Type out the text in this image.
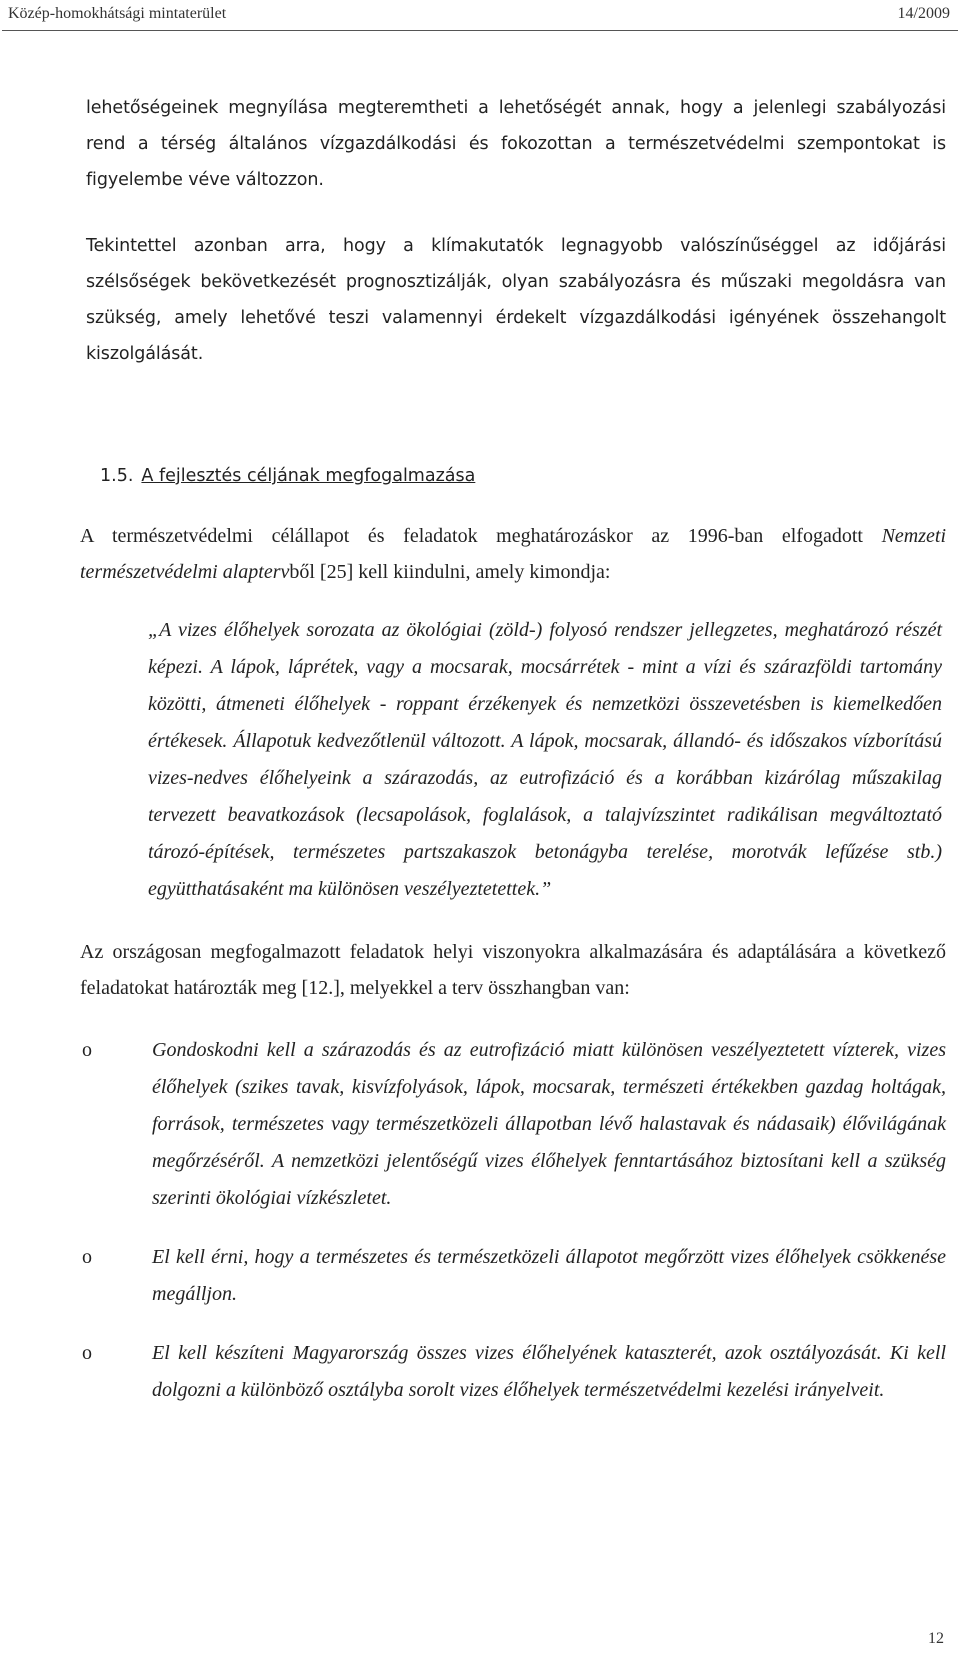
Közép-homokhátsági mintaterület	14/2009

lehetőségeinek megnyílása megteremtheti a lehetőségét annak, hogy a jelenlegi szabályozási rend a térség általános vízgazdálkodási és fokozottan a természetvédelmi szempontokat is figyelembe véve változzon.

Tekintettel azonban arra, hogy a klímakutatók legnagyobb valószínűséggel az időjárási szélsőségek bekövetkezését prognosztizálják, olyan szabályozásra és műszaki megoldásra van szükség, amely lehetővé teszi valamennyi érdekelt vízgazdálkodási igényének összehangolt kiszolgálását.

1.5. A fejlesztés céljának megfogalmazása

A természetvédelmi célállapot és feladatok meghatározáskor az 1996-ban elfogadott Nemzeti természetvédelmi alaptervből [25] kell kiindulni, amely kimondja:

„A vizes élőhelyek sorozata az ökológiai (zöld-) folyosó rendszer jellegzetes, meghatározó részét képezi. A lápok, láprétek, vagy a mocsarak, mocsárrétek - mint a vízi és szárazföldi tartomány közötti, átmeneti élőhelyek - roppant érzékenyek és nemzetközi összevetésben is kiemelkedően értékesek. Állapotuk kedvezőtlenül változott. A lápok, mocsarak, állandó- és időszakos vízborítású vizes-nedves élőhelyeink a szárazodás, az eutrofizáció és a korábban kizárólag műszakilag tervezett beavatkozások (lecsapolások, foglalások, a talajvízszintet radikálisan megváltoztató tározó-építések, természetes partszakaszok betonágyba terelése, morotvák lefűzése stb.) együtthatásaként ma különösen veszélyeztetettek.”

Az országosan megfogalmazott feladatok helyi viszonyokra alkalmazására és adaptálására a következő feladatokat határozták meg [12.], melyekkel a terv összhangban van:

o	Gondoskodni kell a szárazodás és az eutrofizáció miatt különösen veszélyeztetett vízterek, vizes élőhelyek (szikes tavak, kisvízfolyások, lápok, mocsarak, természeti értékekben gazdag holtágak, források, természetes vagy természetközeli állapotban lévő halastavak és nádasaik) élővilágának megőrzéséről. A nemzetközi jelentőségű vizes élőhelyek fenntartásához biztosítani kell a szükség szerinti ökológiai vízkészletet.
o	El kell érni, hogy a természetes és természetközeli állapotot megőrzött vizes élőhelyek csökkenése megálljon.
o	El kell készíteni Magyarország összes vizes élőhelyének kataszterét, azok osztályozását. Ki kell dolgozni a különböző osztályba sorolt vizes élőhelyek természetvédelmi kezelési irányelveit.
12
